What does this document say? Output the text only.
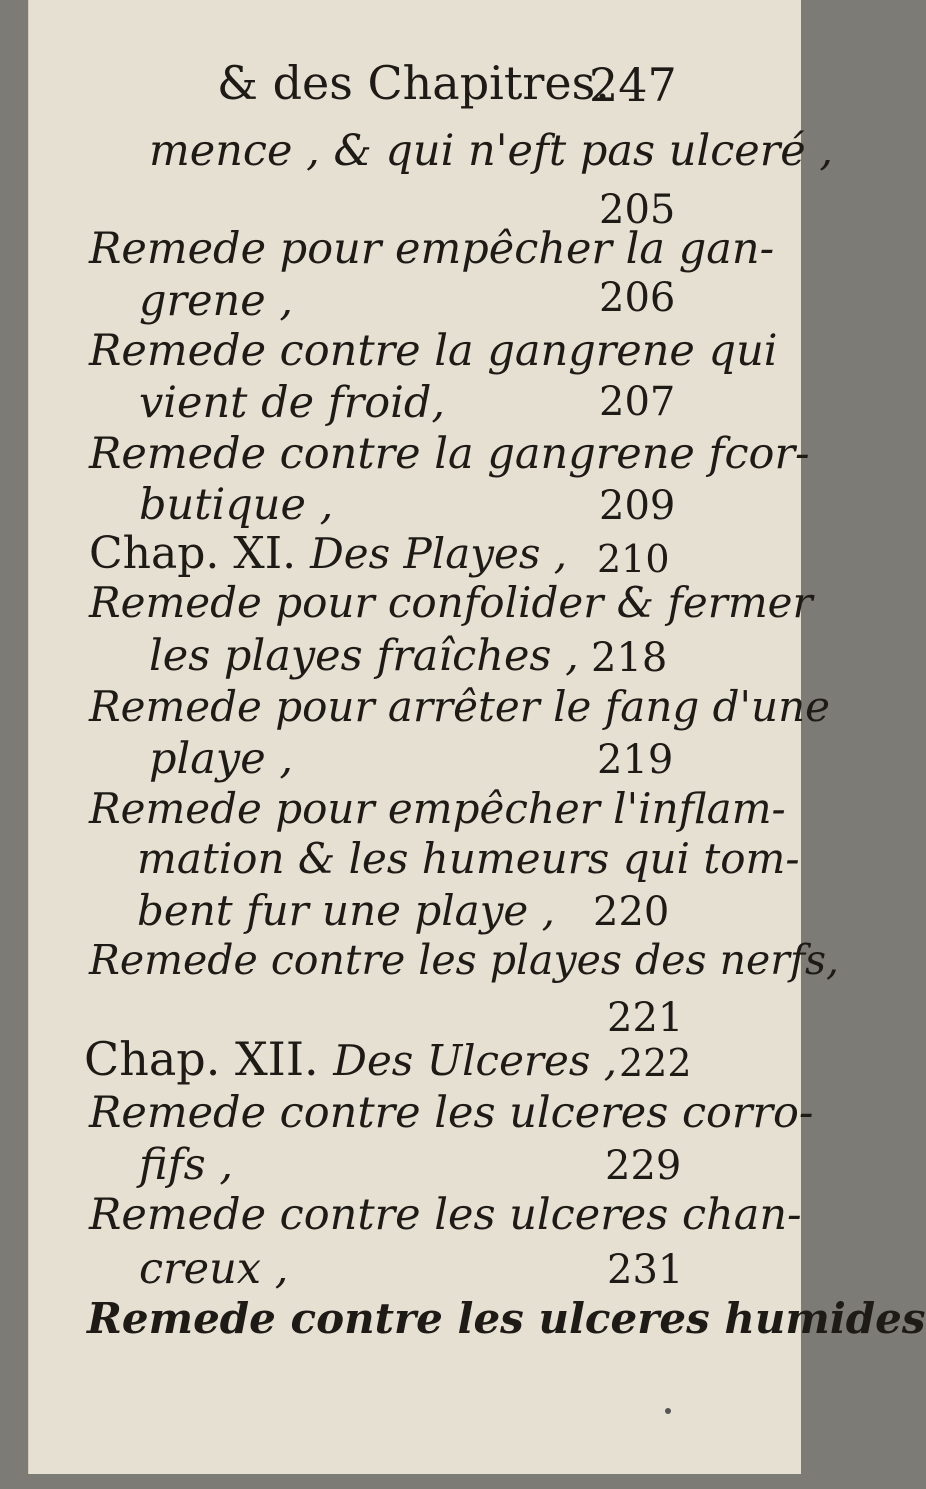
& des Chapitres.
247
mence , & qui n'eft pas ulceré ,
205
Remede pour empêcher la gan-
grene ,	206
Remede contre la gangrene qui
vient de froid,	207
Remede contre la gangrene fcor-
butique ,	209
Chap. XI. Des Playes , 210
Remede pour confolider & fermer
les playes fraîches , 218
Remede pour arrêter le fang d'une
playe ,	219
Remede pour empêcher l'inflam-
mation & les humeurs qui tom-
bent fur une playe , 220
Remede contre les playes des nerfs,
221
Chap. XII. Des Ulceres , 222
Remede contre les ulceres corro-
fifs ,	229
Remede contre les ulceres chan-
creux ,	231
Remede contre les ulceres humides
